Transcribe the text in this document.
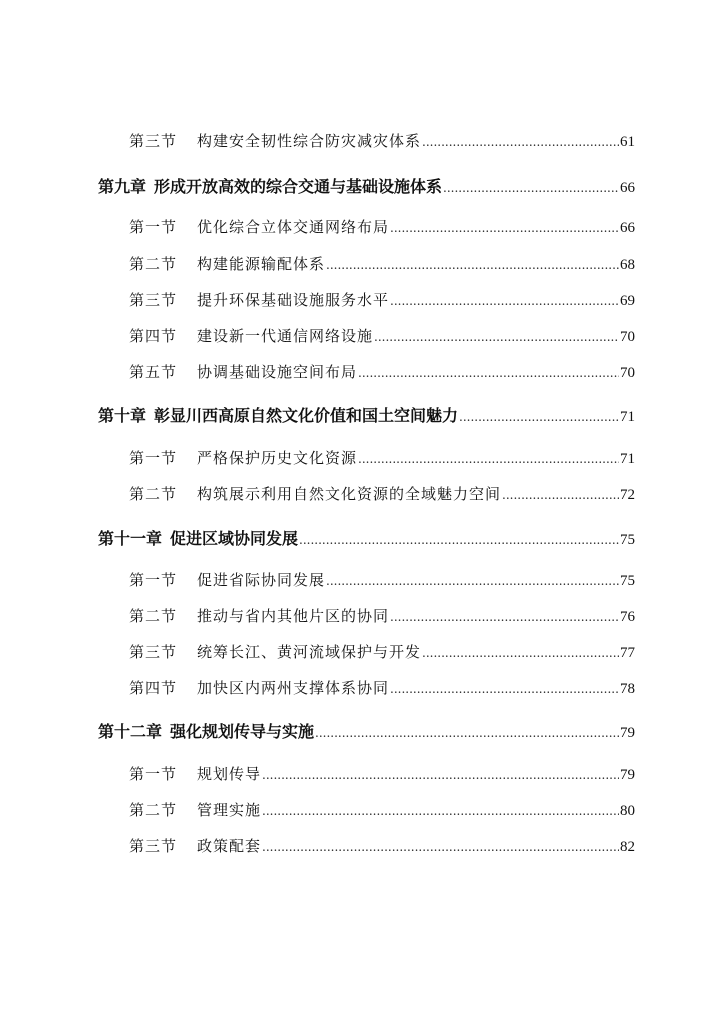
第三节	构建安全韧性综合防灾减灾体系 .....	61
第九章 形成开放高效的综合交通与基础设施体系 .....	66
第一节	优化综合立体交通网络布局 .....	66
第二节	构建能源输配体系 .....	68
第三节	提升环保基础设施服务水平 .....	69
第四节	建设新一代通信网络设施 .....	70
第五节	协调基础设施空间布局 .....	70
第十章 彰显川西高原自然文化价值和国土空间魅力 .....	71
第一节	严格保护历史文化资源 .....	71
第二节	构筑展示利用自然文化资源的全域魅力空间 .....	72
第十一章 促进区域协同发展 .....	75
第一节	促进省际协同发展 .....	75
第二节	推动与省内其他片区的协同 .....	76
第三节	统筹长江、黄河流域保护与开发 .....	77
第四节	加快区内两州支撑体系协同 .....	78
第十二章 强化规划传导与实施 .....	79
第一节	规划传导 .....	79
第二节	管理实施 .....	80
第三节	政策配套 .....	82
